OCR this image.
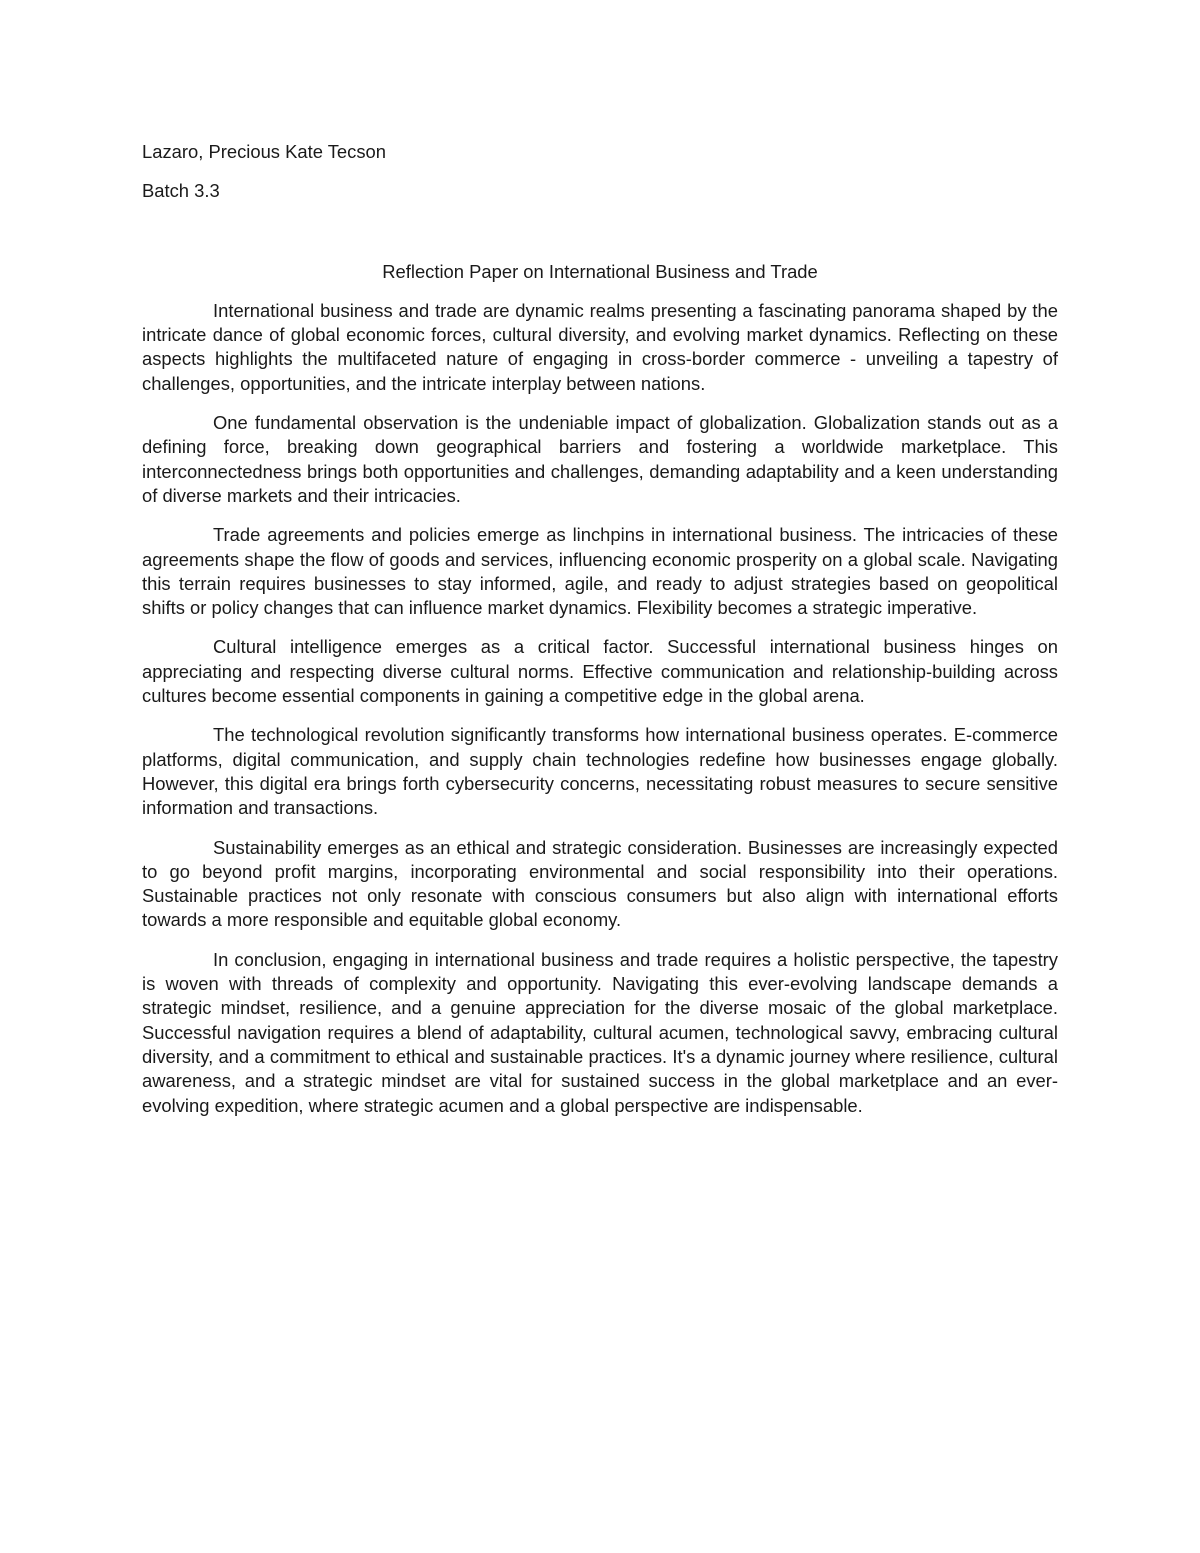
Lazaro, Precious Kate Tecson

Batch 3.3

Reflection Paper on International Business and Trade

International business and trade are dynamic realms presenting a fascinating panorama shaped by the intricate dance of global economic forces, cultural diversity, and evolving market dynamics. Reflecting on these aspects highlights the multifaceted nature of engaging in cross-border commerce - unveiling a tapestry of challenges, opportunities, and the intricate interplay between nations.

One fundamental observation is the undeniable impact of globalization. Globalization stands out as a defining force, breaking down geographical barriers and fostering a worldwide marketplace. This interconnectedness brings both opportunities and challenges, demanding adaptability and a keen understanding of diverse markets and their intricacies.

Trade agreements and policies emerge as linchpins in international business. The intricacies of these agreements shape the flow of goods and services, influencing economic prosperity on a global scale. Navigating this terrain requires businesses to stay informed, agile, and ready to adjust strategies based on geopolitical shifts or policy changes that can influence market dynamics. Flexibility becomes a strategic imperative.

Cultural intelligence emerges as a critical factor. Successful international business hinges on appreciating and respecting diverse cultural norms. Effective communication and relationship-building across cultures become essential components in gaining a competitive edge in the global arena.

The technological revolution significantly transforms how international business operates. E-commerce platforms, digital communication, and supply chain technologies redefine how businesses engage globally. However, this digital era brings forth cybersecurity concerns, necessitating robust measures to secure sensitive information and transactions.

Sustainability emerges as an ethical and strategic consideration. Businesses are increasingly expected to go beyond profit margins, incorporating environmental and social responsibility into their operations. Sustainable practices not only resonate with conscious consumers but also align with international efforts towards a more responsible and equitable global economy.

In conclusion, engaging in international business and trade requires a holistic perspective, the tapestry is woven with threads of complexity and opportunity. Navigating this ever-evolving landscape demands a strategic mindset, resilience, and a genuine appreciation for the diverse mosaic of the global marketplace. Successful navigation requires a blend of adaptability, cultural acumen, technological savvy, embracing cultural diversity, and a commitment to ethical and sustainable practices. It's a dynamic journey where resilience, cultural awareness, and a strategic mindset are vital for sustained success in the global marketplace and an ever-evolving expedition, where strategic acumen and a global perspective are indispensable.
